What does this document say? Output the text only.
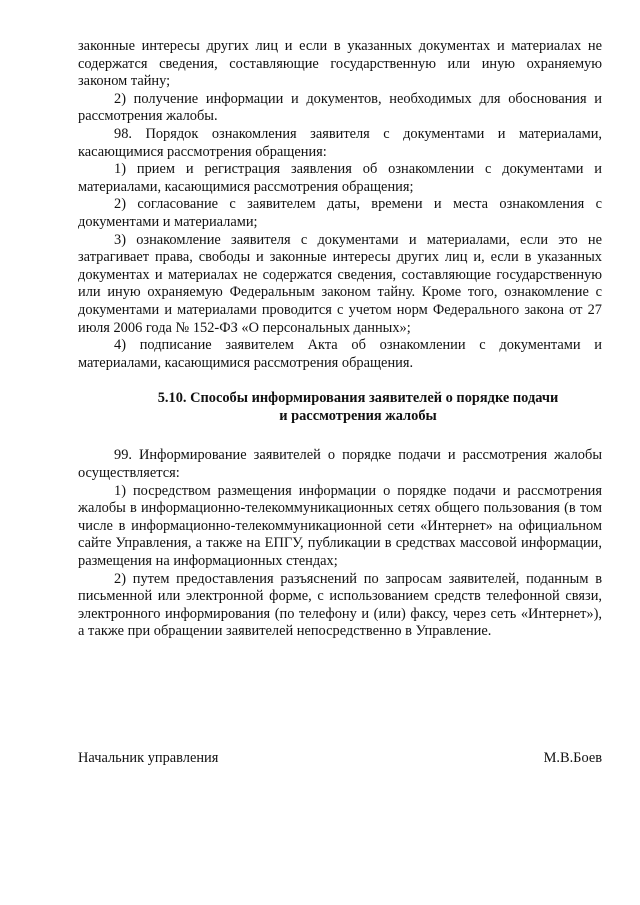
законные интересы других лиц и если в указанных документах и материалах не содержатся сведения, составляющие государственную или иную охраняемую законом тайну;

2) получение информации и документов, необходимых для обоснования и рассмотрения жалобы.

98. Порядок ознакомления заявителя с документами и материалами, касающимися рассмотрения обращения:

1) прием и регистрация заявления об ознакомлении с документами и материалами, касающимися рассмотрения обращения;

2) согласование с заявителем даты, времени и места ознакомления с документами и материалами;

3) ознакомление заявителя с документами и материалами, если это не затрагивает права, свободы и законные интересы других лиц и, если в указанных документах и материалах не содержатся сведения, составляющие государственную или иную охраняемую Федеральным законом тайну. Кроме того, ознакомление с документами и материалами проводится с учетом норм Федерального закона от 27 июля 2006 года № 152-ФЗ «О персональных данных»;

4) подписание заявителем Акта об ознакомлении с документами и материалами, касающимися рассмотрения обращения.

5.10. Способы информирования заявителей о порядке подачи
и рассмотрения жалобы

99. Информирование заявителей о порядке подачи и рассмотрения жалобы осуществляется:

1) посредством размещения информации о порядке подачи и рассмотрения жалобы в информационно-телекоммуникационных сетях общего пользования (в том числе в информационно-телекоммуникационной сети «Интернет» на официальном сайте Управления, а также на ЕПГУ, публикации в средствах массовой информации, размещения на информационных стендах;

2) путем предоставления разъяснений по запросам заявителей, поданным в письменной или электронной форме, с использованием средств телефонной связи, электронного информирования (по телефону и (или) факсу, через сеть «Интернет»), а также при обращении заявителей непосредственно в Управление.

Начальник управления	М.В.Боев
